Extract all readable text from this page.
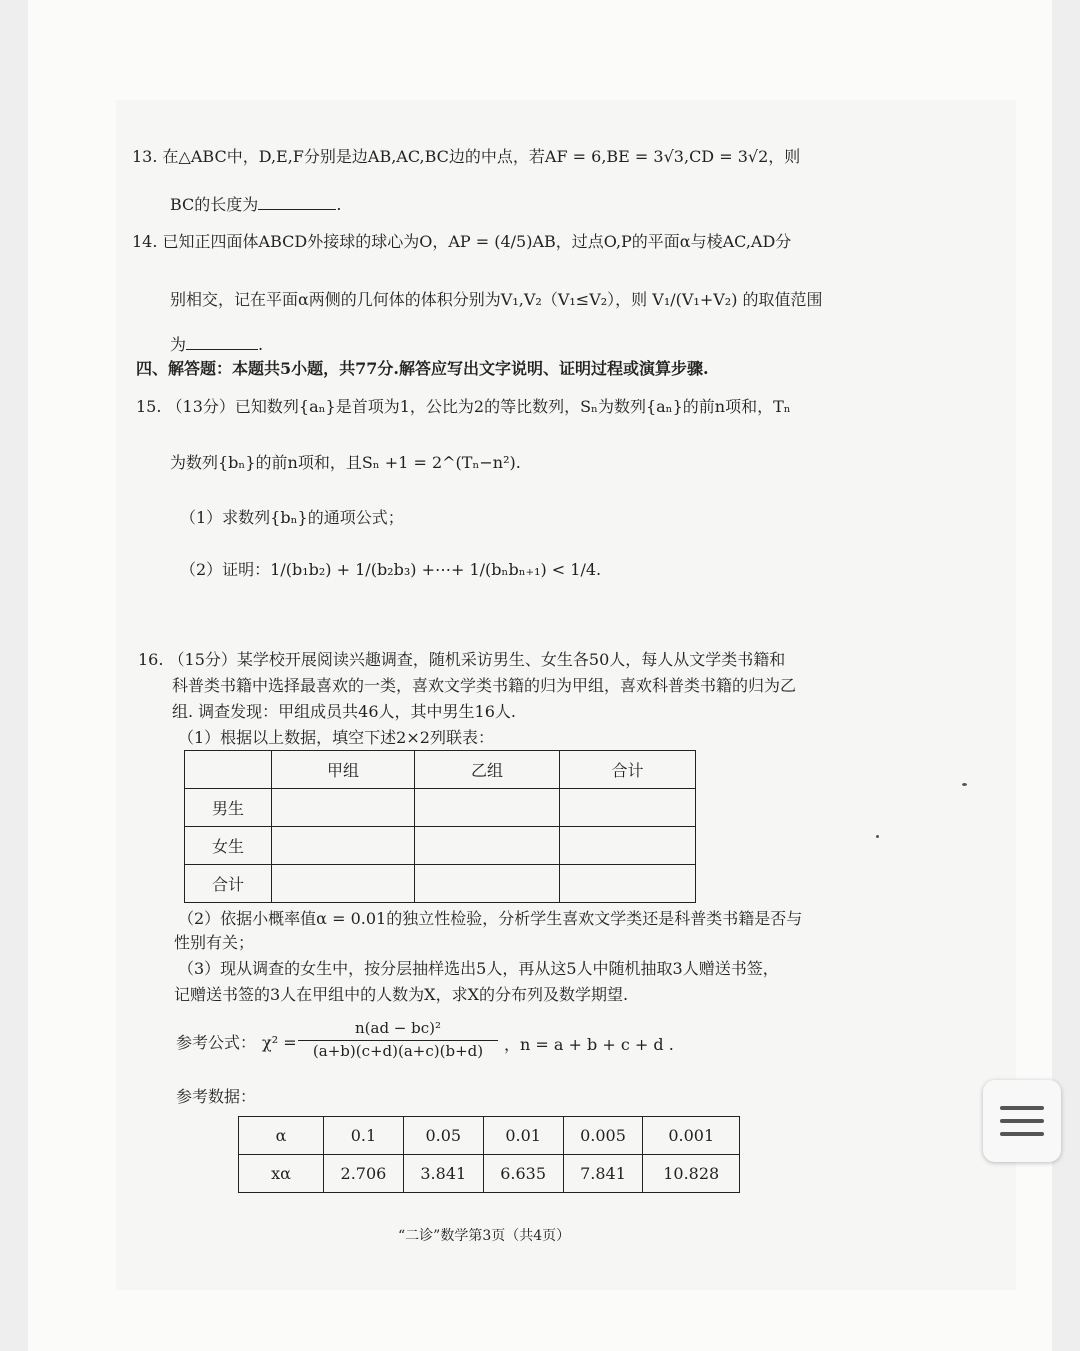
13. 在△ABC中，D,E,F分别是边AB,AC,BC边的中点，若AF = 6,BE = 3√3,CD = 3√2，则
BC的长度为	.
14. 已知正四面体ABCD外接球的球心为O，AP = (4/5)AB，过点O,P的平面α与棱AC,AD分
别相交，记在平面α两侧的几何体的体积分别为V₁,V₂（V₁≤V₂），则 V₁/(V₁+V₂) 的取值范围
为	.
四、解答题：本题共5小题，共77分.解答应写出文字说明、证明过程或演算步骤.
15. （13分）已知数列{aₙ}是首项为1，公比为2的等比数列，Sₙ为数列{aₙ}的前n项和，Tₙ
为数列{bₙ}的前n项和，且Sₙ +1 = 2^(Tₙ−n²).
（1）求数列{bₙ}的通项公式；
（2）证明：1/(b₁b₂) + 1/(b₂b₃) +⋯+ 1/(bₙbₙ₊₁) < 1/4.
16. （15分）某学校开展阅读兴趣调查，随机采访男生、女生各50人，每人从文学类书籍和
科普类书籍中选择最喜欢的一类，喜欢文学类书籍的归为甲组，喜欢科普类书籍的归为乙
组. 调查发现：甲组成员共46人，其中男生16人.
（1）根据以上数据，填空下述2×2列联表：
	甲组	乙组	合计
男生			
女生			
合计			
（2）依据小概率值α = 0.01的独立性检验，分析学生喜欢文学类还是科普类书籍是否与
性别有关；
（3）现从调查的女生中，按分层抽样选出5人，再从这5人中随机抽取3人赠送书签，
记赠送书签的3人在甲组中的人数为X，求X的分布列及数学期望.
参考公式： $\chi^2 = \frac{\text{n(ad − bc)²}}{(a+b)(c+d)(a+c)(b+d)}$ ，n = a + b + c + d .
参考数据：
α	0.1	0.05	0.01	0.005	0.001
xα	2.706	3.841	6.635	7.841	10.828
“二诊”数学第3页（共4页）
